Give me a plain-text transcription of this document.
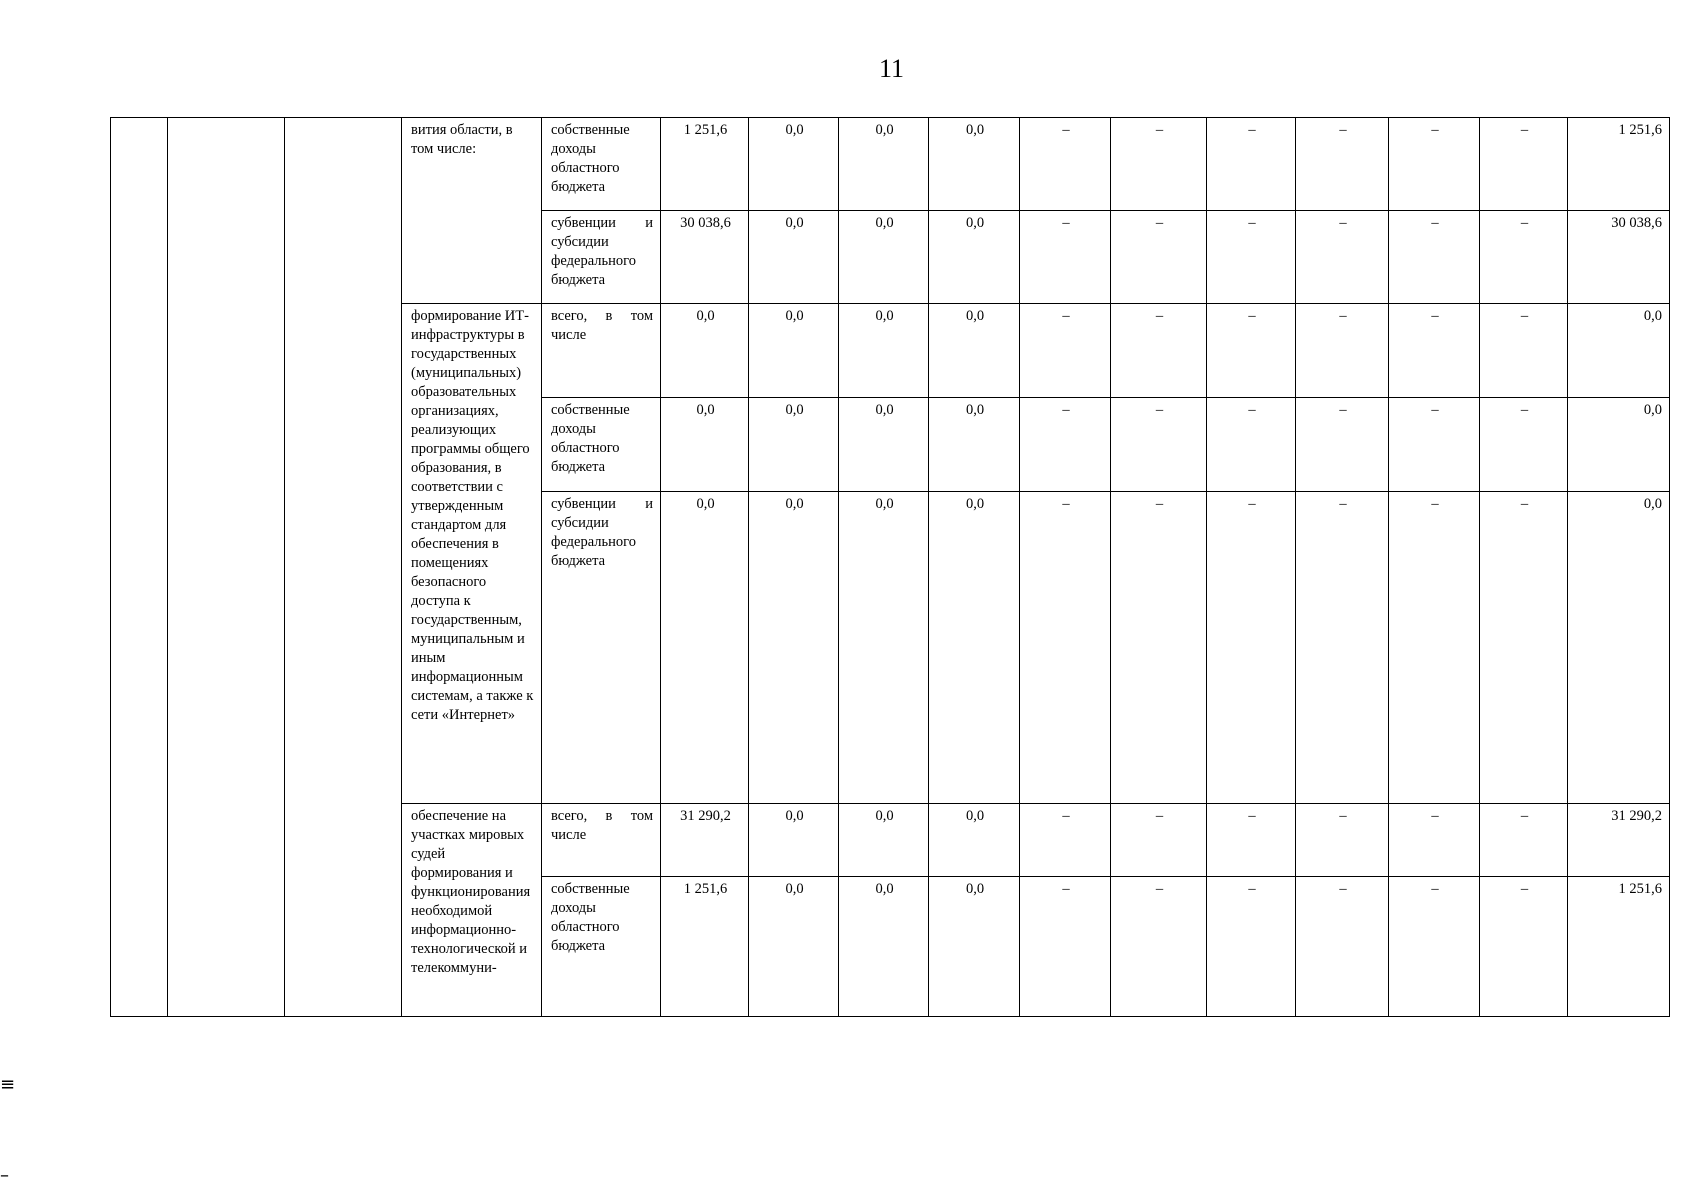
11
			вития области, в том числе:	собственные доходы областного бюджета	1 251,6	0,0	0,0	0,0	–	–	–	–	–	–	1 251,6
				субвенции и субсидии федерального бюджета	30 038,6	0,0	0,0	0,0	–	–	–	–	–	–	30 038,6
			формирование ИТ-инфраструктуры в государственных (муниципальных) образовательных организациях, реализующих программы общего образования, в соответствии с утвержденным стандартом для обеспечения в помещениях безопасного доступа к государственным, муниципальным и иным информационным системам, а также к сети «Интернет»	всего, в том числе	0,0	0,0	0,0	0,0	–	–	–	–	–	–	0,0
				собственные доходы областного бюджета	0,0	0,0	0,0	0,0	–	–	–	–	–	–	0,0
				субвенции и субсидии федерального бюджета	0,0	0,0	0,0	0,0	–	–	–	–	–	–	0,0
			обеспечение на участках мировых судей формирования и функционирования необходимой информационно-технологической и телекоммуни-	всего, в том числе	31 290,2	0,0	0,0	0,0	–	–	–	–	–	–	31 290,2
				собственные доходы областного бюджета	1 251,6	0,0	0,0	0,0	–	–	–	–	–	–	1 251,6
≡
–
